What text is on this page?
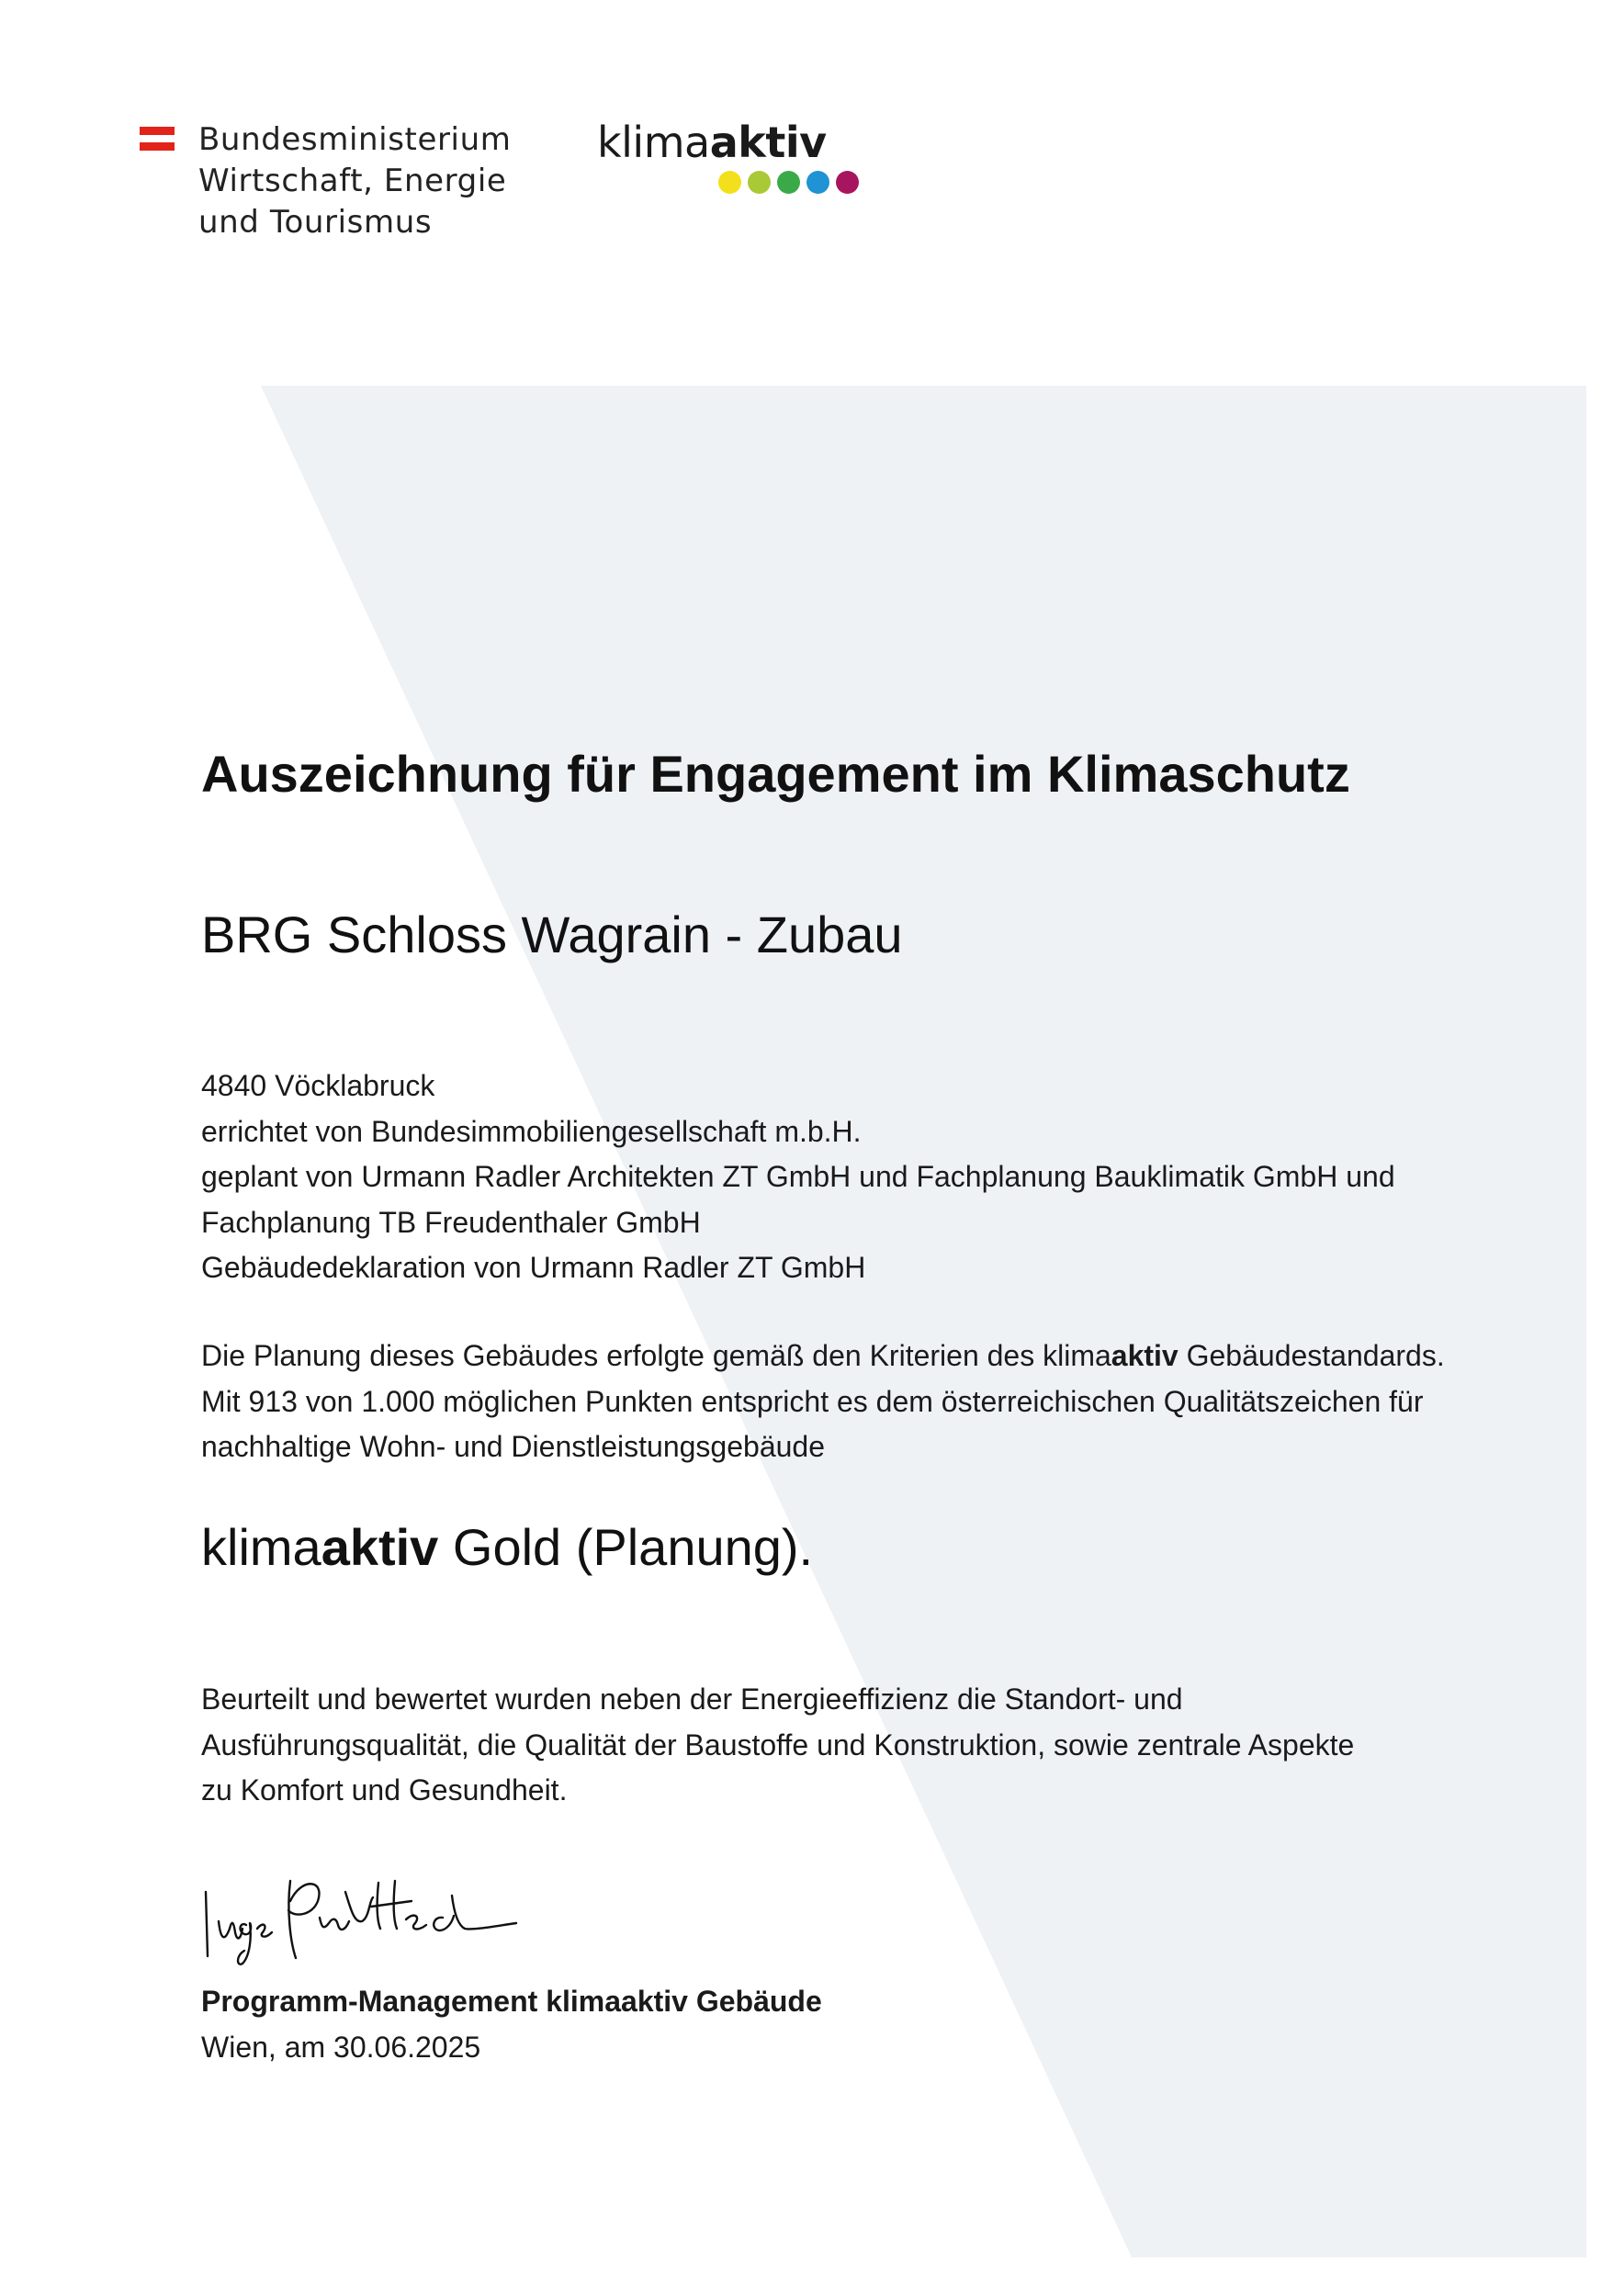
Bundesministerium
Wirtschaft, Energie
und Tourismus
klimaaktiv
Auszeichnung für Engagement im Klimaschutz
BRG Schloss Wagrain - Zubau
4840 Vöcklabruck
errichtet von Bundesimmobiliengesellschaft m.b.H.
geplant von Urmann Radler Architekten ZT GmbH und Fachplanung Bauklimatik GmbH und
Fachplanung TB Freudenthaler GmbH
Gebäudedeklaration von Urmann Radler ZT GmbH
Die Planung dieses Gebäudes erfolgte gemäß den Kriterien des klimaaktiv Gebäudestandards.
Mit 913 von 1.000 möglichen Punkten entspricht es dem österreichischen Qualitätszeichen für
nachhaltige Wohn- und Dienstleistungsgebäude
klimaaktiv Gold (Planung).
Beurteilt und bewertet wurden neben der Energieeffizienz die Standort- und
Ausführungsqualität, die Qualität der Baustoffe und Konstruktion, sowie zentrale Aspekte
zu Komfort und Gesundheit.
Programm-Management klimaaktiv Gebäude
Wien, am 30.06.2025
